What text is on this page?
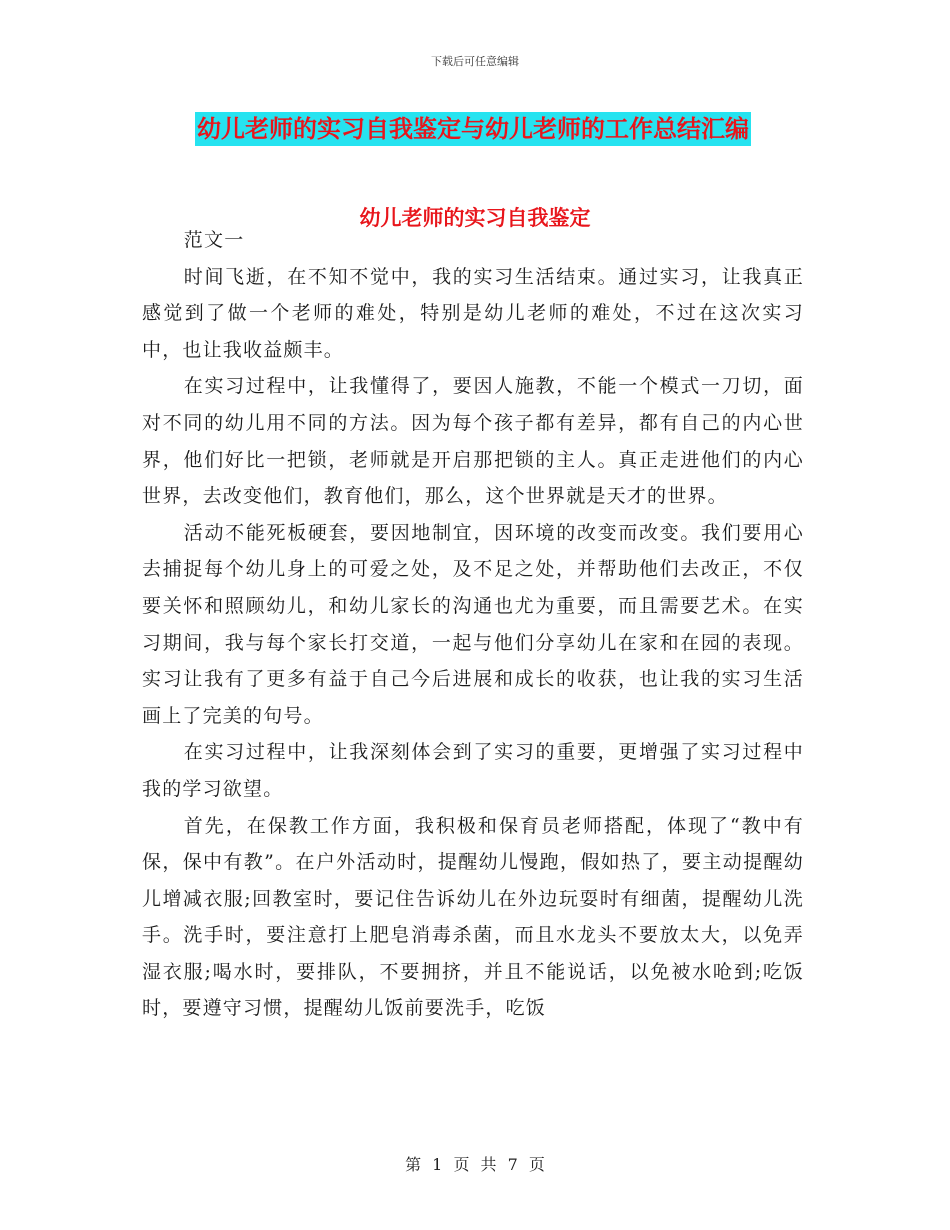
下载后可任意编辑
幼儿老师的实习自我鉴定与幼儿老师的工作总结汇编
幼儿老师的实习自我鉴定

范文一

时间飞逝，在不知不觉中，我的实习生活结束。通过实习，让我真正感觉到了做一个老师的难处，特别是幼儿老师的难处，不过在这次实习中，也让我收益颇丰。

在实习过程中，让我懂得了，要因人施教，不能一个模式一刀切，面对不同的幼儿用不同的方法。因为每个孩子都有差异，都有自己的内心世界，他们好比一把锁，老师就是开启那把锁的主人。真正走进他们的内心世界，去改变他们，教育他们，那么，这个世界就是天才的世界。

活动不能死板硬套，要因地制宜，因环境的改变而改变。我们要用心去捕捉每个幼儿身上的可爱之处，及不足之处，并帮助他们去改正，不仅要关怀和照顾幼儿，和幼儿家长的沟通也尤为重要，而且需要艺术。在实习期间，我与每个家长打交道，一起与他们分享幼儿在家和在园的表现。实习让我有了更多有益于自己今后进展和成长的收获，也让我的实习生活画上了完美的句号。

在实习过程中，让我深刻体会到了实习的重要，更增强了实习过程中我的学习欲望。

首先，在保教工作方面，我积极和保育员老师搭配，体现了“教中有保，保中有教”。在户外活动时，提醒幼儿慢跑，假如热了，要主动提醒幼儿增减衣服;回教室时，要记住告诉幼儿在外边玩耍时有细菌，提醒幼儿洗手。洗手时，要注意打上肥皂消毒杀菌，而且水龙头不要放太大，以免弄湿衣服;喝水时，要排队，不要拥挤，并且不能说话，以免被水呛到;吃饭时，要遵守习惯，提醒幼儿饭前要洗手，吃饭

第 1 页 共 7 页
